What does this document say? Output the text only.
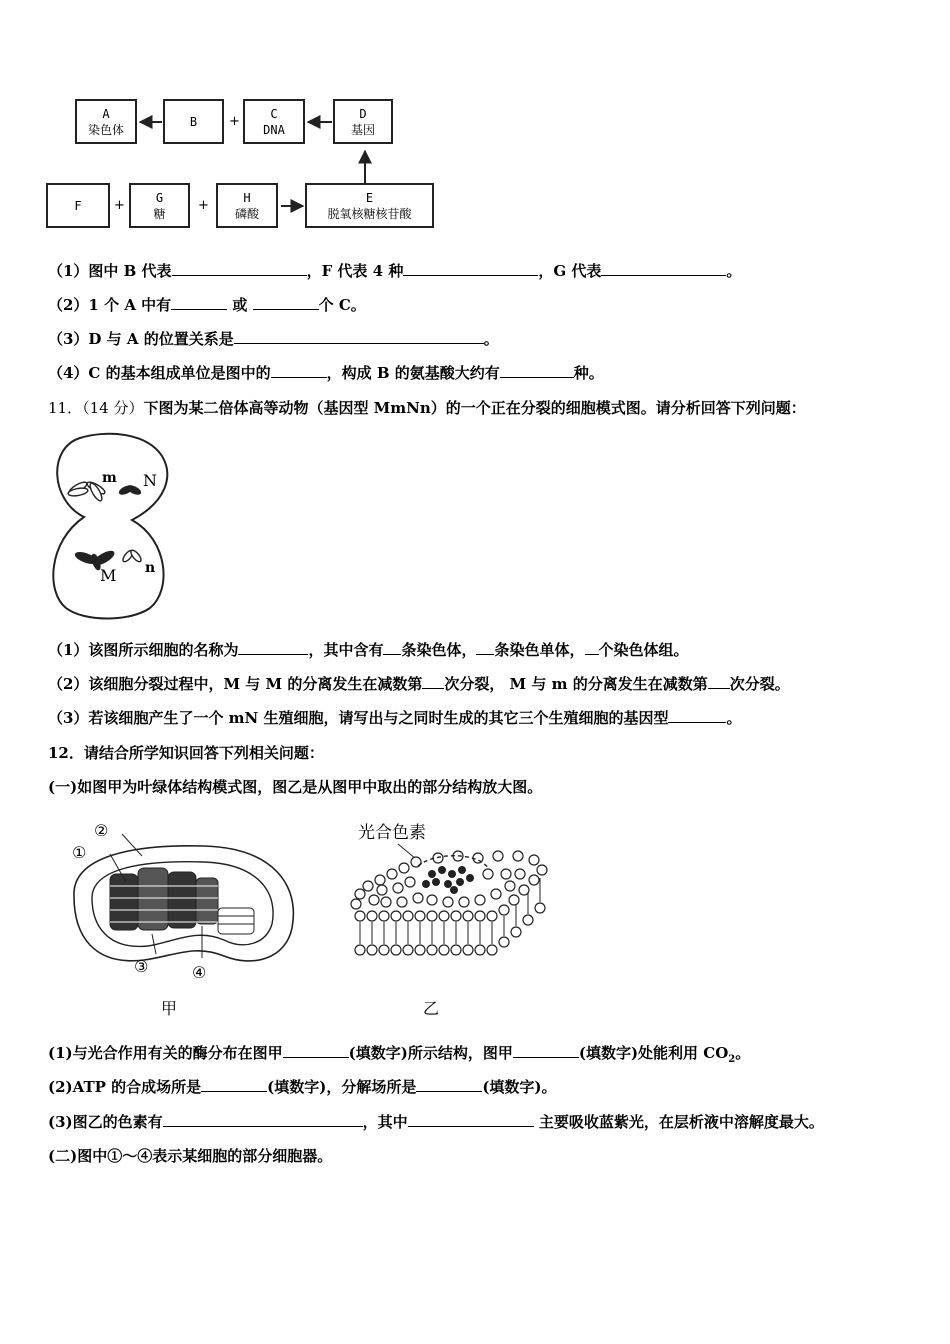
A
染色体
B +
C
DNA
D
基因
F +
G
糖
+
H
磷酸
E
脱氧核糖核苷酸
（1）图中 B 代表	，F 代表 4 种	，G 代表	。
（2）1 个 A 中有	或	个 C。
（3）D 与 A 的位置关系是	。
（4）C 的基本组成单位是图中的	，构成 B 的氨基酸大约有	种。
11．（14 分）下图为某二倍体高等动物（基因型 MmNn）的一个正在分裂的细胞模式图。请分析回答下列问题：
m N
M n
（1）该图所示细胞的名称为	，其中含有 条染色体， 条染色单体， 个染色体组。
（2）该细胞分裂过程中，M 与 M 的分离发生在减数第 次分裂， M 与 m 的分离发生在减数第 次分裂。
（3）若该细胞产生了一个 mN 生殖细胞，请写出与之同时生成的其它三个生殖细胞的基因型	。
12．请结合所学知识回答下列相关问题：
(一)如图甲为叶绿体结构模式图，图乙是从图甲中取出的部分结构放大图。
②
①
③	④
甲
光合色素
乙
(1)与光合作用有关的酶分布在图甲	(填数字)所示结构，图甲	(填数字)处能利用 $CO_2$。
(2)ATP 的合成场所是	(填数字)，分解场所是	(填数字)。
(3)图乙的色素有	，其中	主要吸收蓝紫光，在层析液中溶解度最大。
(二)图中①～④表示某细胞的部分细胞器。
